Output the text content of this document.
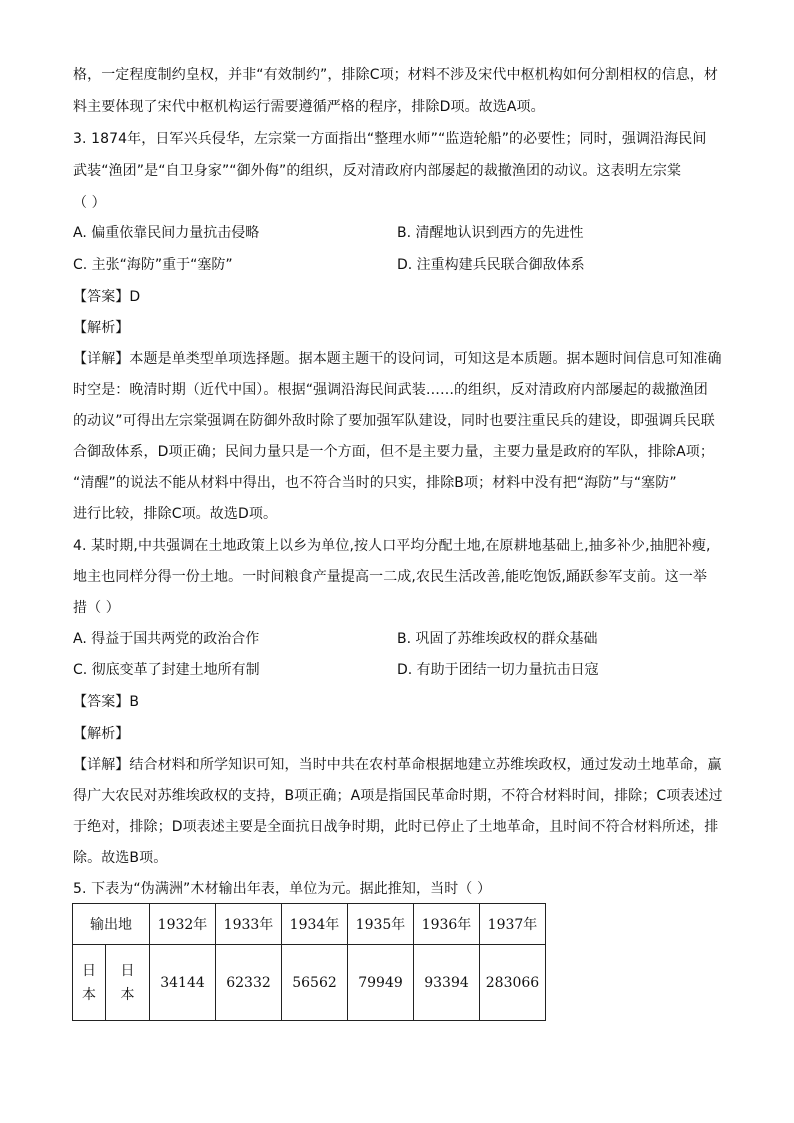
格，一定程度制约皇权，并非“有效制约”，排除C项；材料不涉及宋代中枢机构如何分割相权的信息，材
料主要体现了宋代中枢机构运行需要遵循严格的程序，排除D项。故选A项。
3. 1874年，日军兴兵侵华，左宗棠一方面指出“整理水师”“监造轮船”的必要性；同时，强调沿海民间
武装“渔团”是“自卫身家”“御外侮”的组织，反对清政府内部屡起的裁撤渔团的动议。这表明左宗棠
（ ）
A. 偏重依靠民间力量抗击侵略	B. 清醒地认识到西方的先进性
C. 主张“海防”重于“塞防”	D. 注重构建兵民联合御敌体系
【答案】D
【解析】
【详解】本题是单类型单项选择题。据本题主题干的设问词，可知这是本质题。据本题时间信息可知准确
时空是：晚清时期（近代中国）。根据“强调沿海民间武装……的组织，反对清政府内部屡起的裁撤渔团
的动议”可得出左宗棠强调在防御外敌时除了要加强军队建设，同时也要注重民兵的建设，即强调兵民联
合御敌体系，D项正确；民间力量只是一个方面，但不是主要力量，主要力量是政府的军队，排除A项；
“清醒”的说法不能从材料中得出，也不符合当时的只实，排除B项；材料中没有把“海防”与“塞防”
进行比较，排除C项。故选D项。
4. 某时期,中共强调在土地政策上以乡为单位,按人口平均分配土地,在原耕地基础上,抽多补少,抽肥补瘦,
地主也同样分得一份土地。一时间粮食产量提高一二成,农民生活改善,能吃饱饭,踊跃参军支前。这一举
措（ ）
A. 得益于国共两党的政治合作	B. 巩固了苏维埃政权的群众基础
C. 彻底变革了封建土地所有制	D. 有助于团结一切力量抗击日寇
【答案】B
【解析】
【详解】结合材料和所学知识可知，当时中共在农村革命根据地建立苏维埃政权，通过发动土地革命，赢
得广大农民对苏维埃政权的支持，B项正确；A项是指国民革命时期，不符合材料时间，排除；C项表述过
于绝对，排除；D项表述主要是全面抗日战争时期，此时已停止了土地革命，且时间不符合材料所述，排
除。故选B项。
5. 下表为“伪满洲”木材输出年表，单位为元。据此推知，当时（ ）
输出地		1932年	1933年	1934年	1935年	1936年	1937年
日本	日本	34144	62332	56562	79949	93394	283066
